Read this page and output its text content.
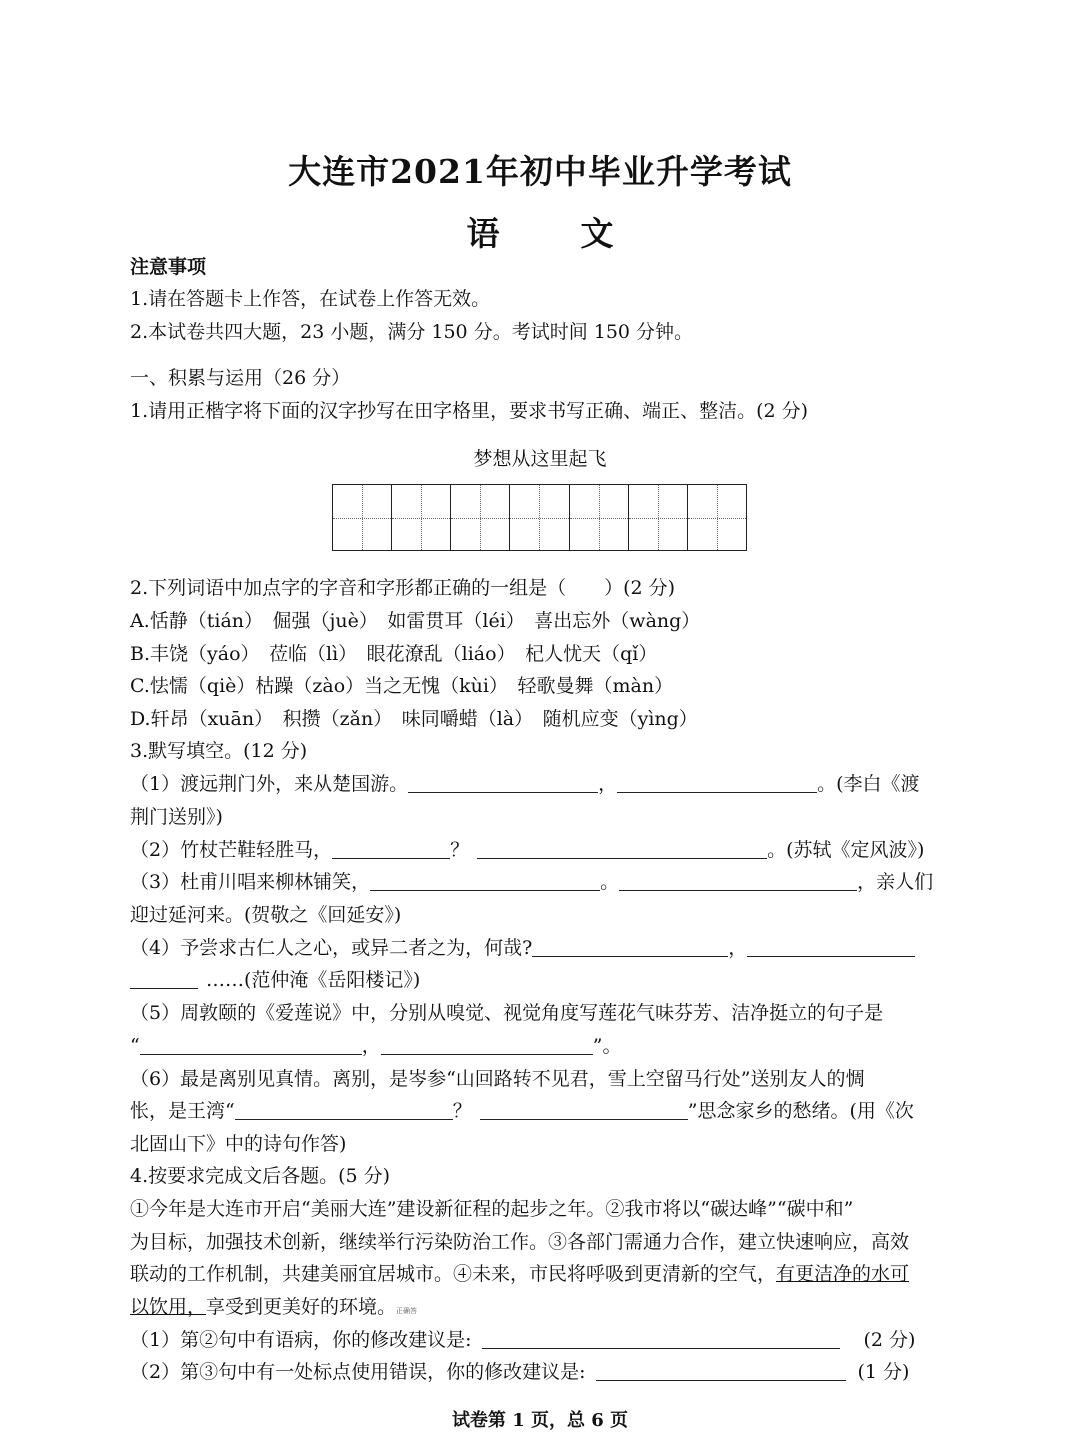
大连市2021年初中毕业升学考试
语　文
注意事项
1.请在答题卡上作答，在试卷上作答无效。
2.本试卷共四大题，23 小题，满分 150 分。考试时间 150 分钟。
一、积累与运用（26 分）
1.请用正楷字将下面的汉字抄写在田字格里，要求书写正确、端正、整洁。(2 分)
梦想从这里起飞
2.下列词语中加点字的字音和字形都正确的一组是（　　）(2 分)
A.恬静（tián）　倔强（juè）　如雷贯耳（léi）　喜出忘外（wàng）
B.丰饶（yáo）　莅临（lì）　眼花潦乱（liáo）　杞人忧天（qǐ）
C.怯懦（qiè）枯躁（zào）当之无愧（kùi）　轻歌曼舞（màn）
D.轩昂（xuān）　积攒（zǎn）　味同嚼蜡（là）　随机应变（yìng）
3.默写填空。(12 分)
（1）渡远荆门外，来从楚国游。	，	。(李白《渡
荆门送别》)
（2）竹杖芒鞋轻胜马，	？	。(苏轼《定风波》)
（3）杜甫川唱来柳林铺笑，	。	，亲人们
迎过延河来。(贺敬之《回延安》)
（4）予尝求古仁人之心，或异二者之为，何哉?	，
……(范仲淹《岳阳楼记》)
（5）周敦颐的《爱莲说》中，分别从嗅觉、视觉角度写莲花气味芬芳、洁净挺立的句子是
“	，	”。
（6）最是离别见真情。离别，是岑参“山回路转不见君，雪上空留马行处”送别友人的惆
怅，是王湾“	？	”思念家乡的愁绪。(用《次
北固山下》中的诗句作答)
4.按要求完成文后各题。(5 分)
①今年是大连市开启“美丽大连”建设新征程的起步之年。②我市将以“碳达峰”“碳中和”
为目标，加强技术创新，继续举行污染防治工作。③各部门需通力合作，建立快速响应，高效
联动的工作机制，共建美丽宜居城市。④未来，市民将呼吸到更清新的空气，有更洁净的水可
以饮用，享受到更美好的环境。正确答
（1）第②句中有语病，你的修改建议是:	(2 分)
（2）第③句中有一处标点使用错误，你的修改建议是:	(1 分)
试卷第 1 页，总 6 页
